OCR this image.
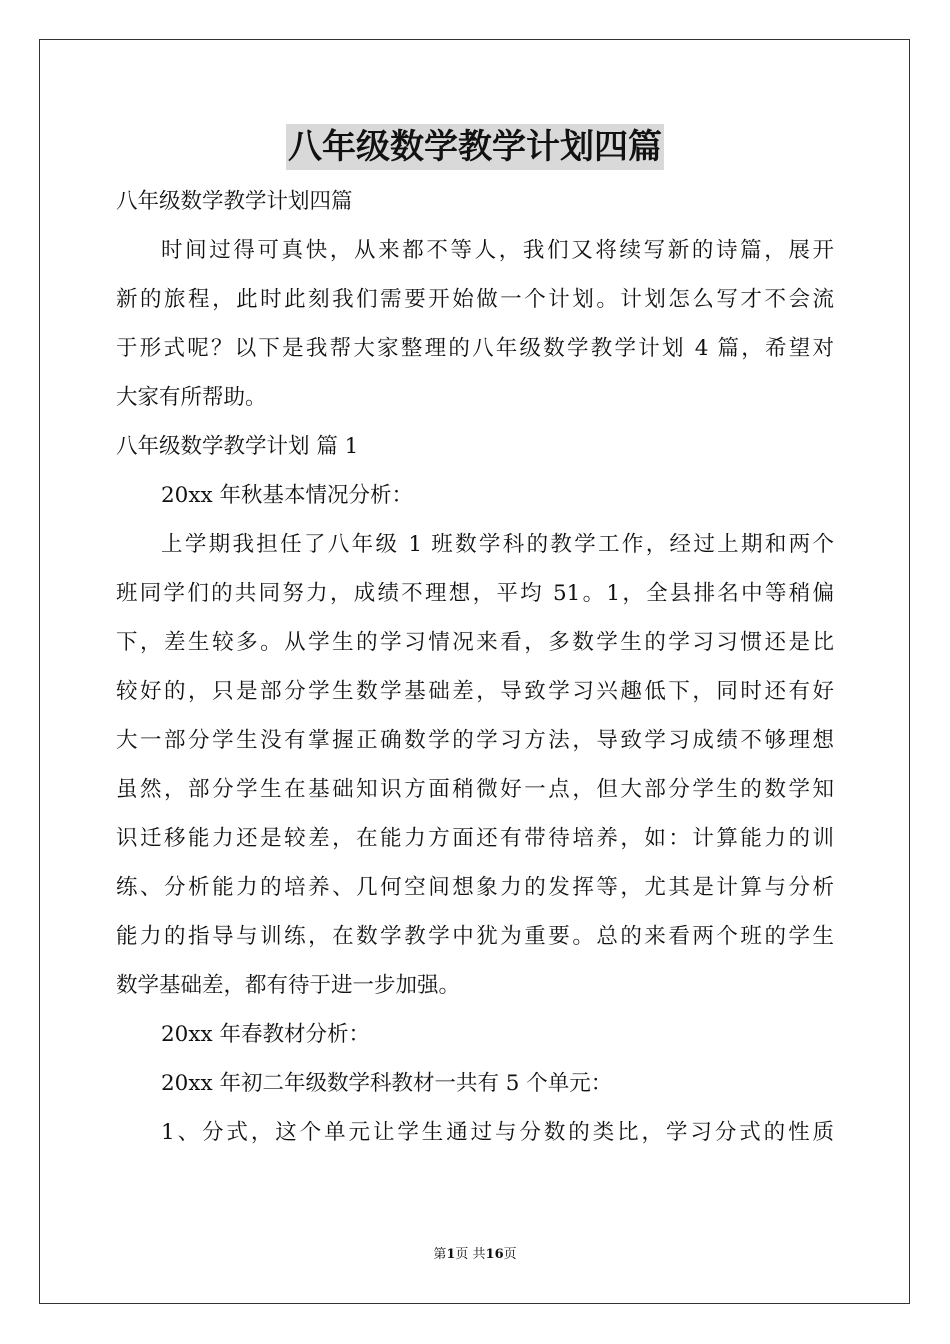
八年级数学教学计划四篇
八年级数学教学计划四篇
时间过得可真快，从来都不等人，我们又将续写新的诗篇，展开
新的旅程，此时此刻我们需要开始做一个计划。计划怎么写才不会流
于形式呢？以下是我帮大家整理的八年级数学教学计划 4 篇，希望对
大家有所帮助。
八年级数学教学计划 篇 1
20xx 年秋基本情况分析：
上学期我担任了八年级 1 班数学科的教学工作，经过上期和两个
班同学们的共同努力，成绩不理想，平均 51。1，全县排名中等稍偏
下，差生较多。从学生的学习情况来看，多数学生的学习习惯还是比
较好的，只是部分学生数学基础差，导致学习兴趣低下，同时还有好
大一部分学生没有掌握正确数学的学习方法，导致学习成绩不够理想
虽然，部分学生在基础知识方面稍微好一点，但大部分学生的数学知
识迁移能力还是较差，在能力方面还有带待培养，如：计算能力的训
练、分析能力的培养、几何空间想象力的发挥等，尤其是计算与分析
能力的指导与训练，在数学教学中犹为重要。总的来看两个班的学生
数学基础差，都有待于进一步加强。
20xx 年春教材分析：
20xx 年初二年级数学科教材一共有 5 个单元：
1、分式，这个单元让学生通过与分数的类比，学习分式的性质
第1页 共16页
